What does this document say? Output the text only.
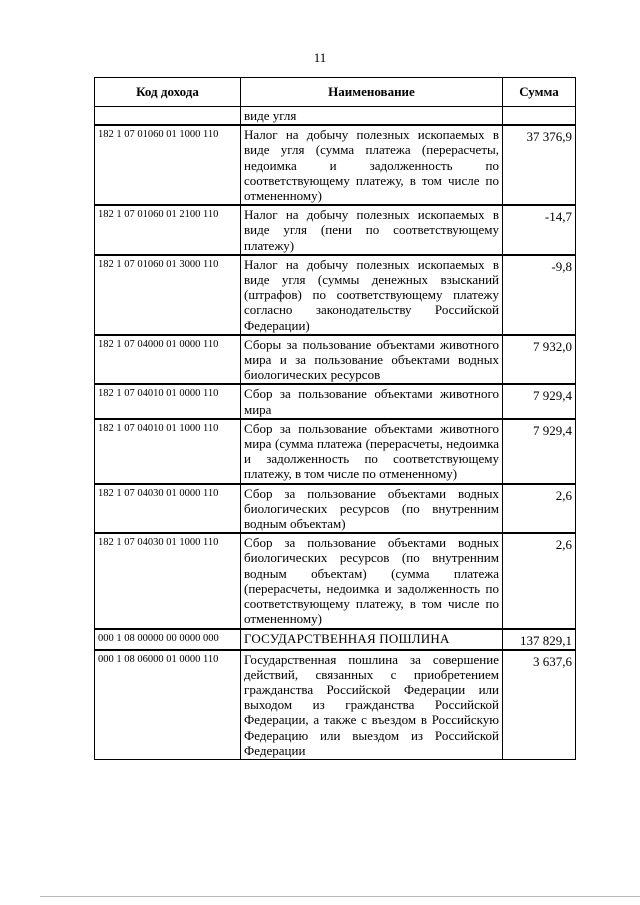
11
Код дохода	Наименование	Сумма
	виде угля	
182 1 07 01060 01 1000 110	Налог на добычу полезных ископаемых в виде угля (сумма платежа (перерасчеты, недоимка и задолженность по соответствующему платежу, в том числе по отмененному)	37 376,9
182 1 07 01060 01 2100 110	Налог на добычу полезных ископаемых в виде угля (пени по соответствующему платежу)	-14,7
182 1 07 01060 01 3000 110	Налог на добычу полезных ископаемых в виде угля (суммы денежных взысканий (штрафов) по соответствующему платежу согласно законодательству Российской Федерации)	-9,8
182 1 07 04000 01 0000 110	Сборы за пользование объектами животного мира и за пользование объектами водных биологических ресурсов	7 932,0
182 1 07 04010 01 0000 110	Сбор за пользование объектами животного мира	7 929,4
182 1 07 04010 01 1000 110	Сбор за пользование объектами животного мира (сумма платежа (перерасчеты, недоимка и задолженность по соответствующему платежу, в том числе по отмененному)	7 929,4
182 1 07 04030 01 0000 110	Сбор за пользование объектами водных биологических ресурсов (по внутренним водным объектам)	2,6
182 1 07 04030 01 1000 110	Сбор за пользование объектами водных биологических ресурсов (по внутренним водным объектам) (сумма платежа (перерасчеты, недоимка и задолженность по соответствующему платежу, в том числе по отмененному)	2,6
000 1 08 00000 00 0000 000	ГОСУДАРСТВЕННАЯ ПОШЛИНА	137 829,1
000 1 08 06000 01 0000 110	Государственная пошлина за совершение действий, связанных с приобретением гражданства Российской Федерации или выходом из гражданства Российской Федерации, а также с въездом в Российскую Федерацию или выездом из Российской Федерации	3 637,6
